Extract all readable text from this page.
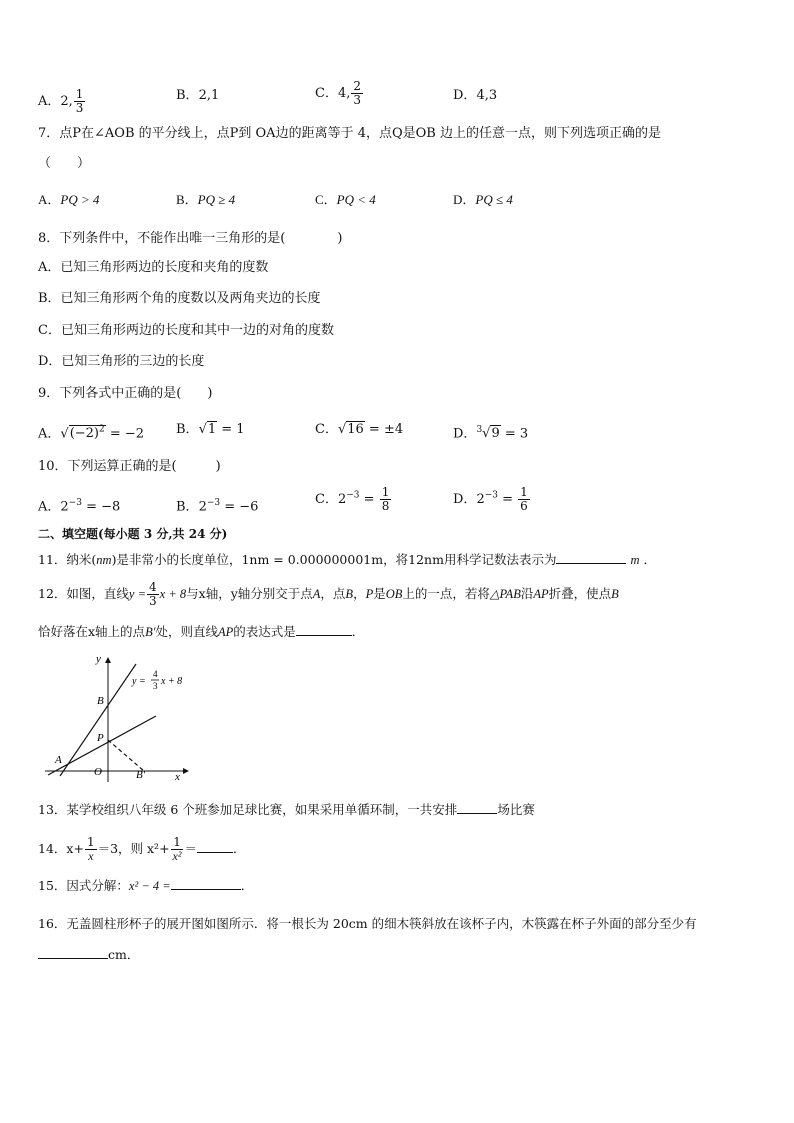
A．2, $\frac{1}{3}$	B．2,1	C．4, $\frac{2}{3}$	D．4,3
7．点P在∠AOB 的平分线上，点P到 OA边的距离等于 4，点Q是OB 边上的任意一点，则下列选项正确的是
（　　）
A．PQ > 4	B．PQ ≥ 4	C．PQ < 4	D．PQ ≤ 4
8．下列条件中，不能作出唯一三角形的是(　　　　)
A．已知三角形两边的长度和夹角的度数
B．已知三角形两个角的度数以及两角夹边的长度
C．已知三角形两边的长度和其中一边的对角的度数
D．已知三角形的三边的长度
9．下列各式中正确的是(　　)
A．$√(-2)^2 = -2$ B．√1 = 1	C．√16 = ±4	D．$^3$√9 = 3
10．下列运算正确的是(　　　)
A．$2^{-3} = -8$	B．$2^{-3} = -6$	C．$2^{-3} = \frac{1}{8}$	D．$2^{-3} = \frac{1}{6}$
二、填空题(每小题 3 分,共 24 分)
11．纳米(nm)是非常小的长度单位，1nm = 0.000000001m，将12nm用科学记数法表示为	m ．
12．如图，直线$y = \frac{4}{3}$ x + 8与x轴，y轴分别交于点A，点B，P是OB上的一点，若将△PAB沿AP折叠，使点B
恰好落在x轴上的点B′处，则直线AP的表达式是	．
y
x
B
P
A
O	B′
y =
4
3 x + 8
13．某学校组织八年级 6 个班参加足球比赛，如果采用单循环制，一共安排	场比赛
14．$x+ \frac{1}{x} =3$，则 $x^2+ \frac{1}{\text{x²}}$ ＝	．
15．因式分解：x² − 4 =	．
16．无盖圆柱形杯子的展开图如图所示．将一根长为 20cm 的细木筷斜放在该杯子内，木筷露在杯子外面的部分至少有
cm．
